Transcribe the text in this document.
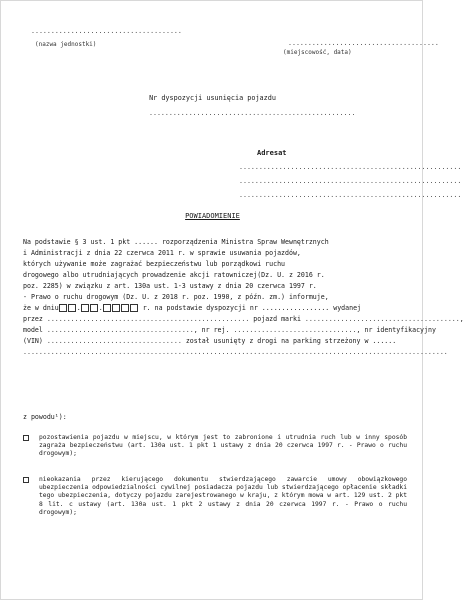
......................................
(nazwa jednostki)	......................................
(miejscowość, data)
Nr dyspozycji usunięcia pojazdu
....................................................
Adresat
........................................................
........................................................
........................................................
POWIADOMIENIE
Na podstawie § 3 ust. 1 pkt ...... rozporządzenia Ministra Spraw Wewnętrznych
i Administracji z dnia 22 czerwca 2011 r. w sprawie usuwania pojazdów,
których używanie może zagrażać bezpieczeństwu lub porządkowi ruchu
drogowego albo utrudniających prowadzenie akcji ratowniczej(Dz. U. z 2016 r.
poz. 2285) w związku z art. 130a ust. 1-3 ustawy z dnia 20 czerwca 1997 r.
- Prawo o ruchu drogowym (Dz. U. z 2018 r. poz. 1990, z późn. zm.) informuje,
że w dniu	.	.	r. na podstawie dyspozycji nr ................. wydanej
przez ................................................... pojazd marki .......................................,
model ....................................., nr rej. ..............................., nr identyfikacyjny
(VIN) .................................. został usunięty z drogi na parking strzeżony w ......
...........................................................................................................
z powodu¹):
pozostawienia pojazdu w miejscu, w którym jest to zabronione i utrudnia ruch lub w inny sposób zagraża bezpieczeństwu (art. 130a ust. 1 pkt 1 ustawy z dnia 20 czerwca 1997 r. - Prawo o ruchu drogowym);
nieokazania przez kierującego dokumentu stwierdzającego zawarcie umowy obowiązkowego ubezpieczenia odpowiedzialności cywilnej posiadacza pojazdu lub stwierdzającego opłacenie składki tego ubezpieczenia, dotyczy pojazdu zarejestrowanego w kraju, z którym mowa w art. 129 ust. 2 pkt 8 lit. c ustawy (art. 130a ust. 1 pkt 2 ustawy z dnia 20 czerwca 1997 r. - Prawo o ruchu drogowym);
